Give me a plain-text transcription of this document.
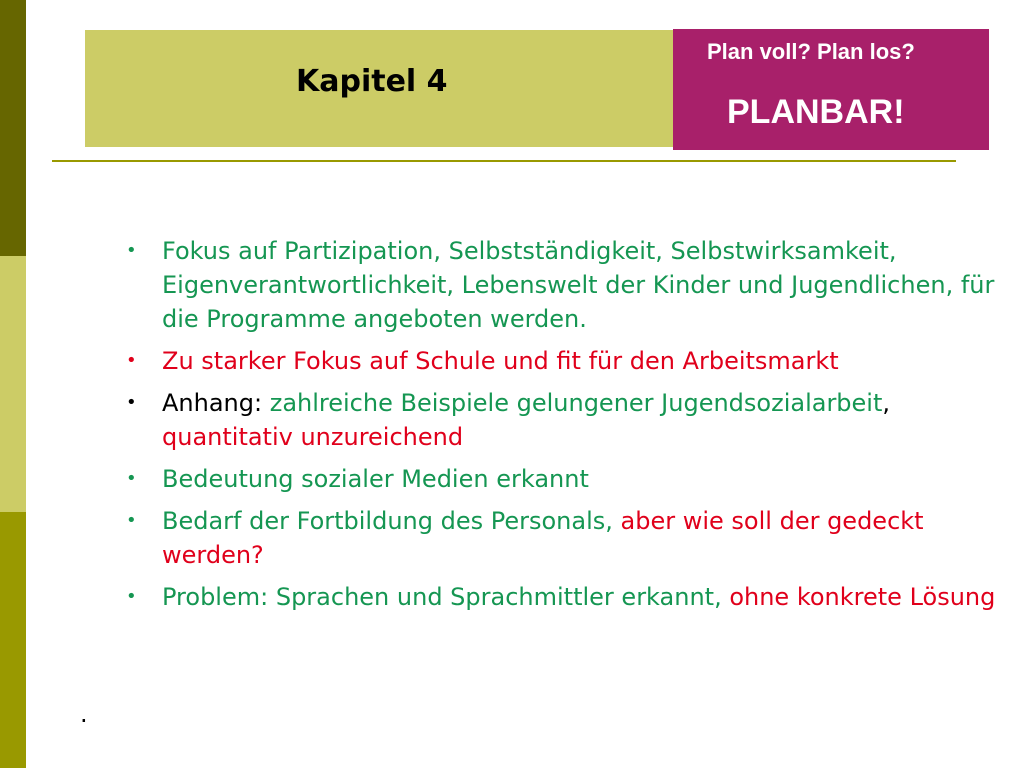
Kapitel 4
Plan voll? Plan los?
PLANBAR!
• Fokus auf Partizipation, Selbstständigkeit, Selbstwirksamkeit, Eigenverantwortlichkeit, Lebenswelt der Kinder und Jugendlichen, für die Programme angeboten werden.
• Zu starker Fokus auf Schule und fit für den Arbeitsmarkt
• Anhang: zahlreiche Beispiele gelungener Jugendsozialarbeit, quantitativ unzureichend
• Bedeutung sozialer Medien erkannt
• Bedarf der Fortbildung des Personals, aber wie soll der gedeckt werden?
• Problem: Sprachen und Sprachmittler erkannt, ohne konkrete Lösung
.
